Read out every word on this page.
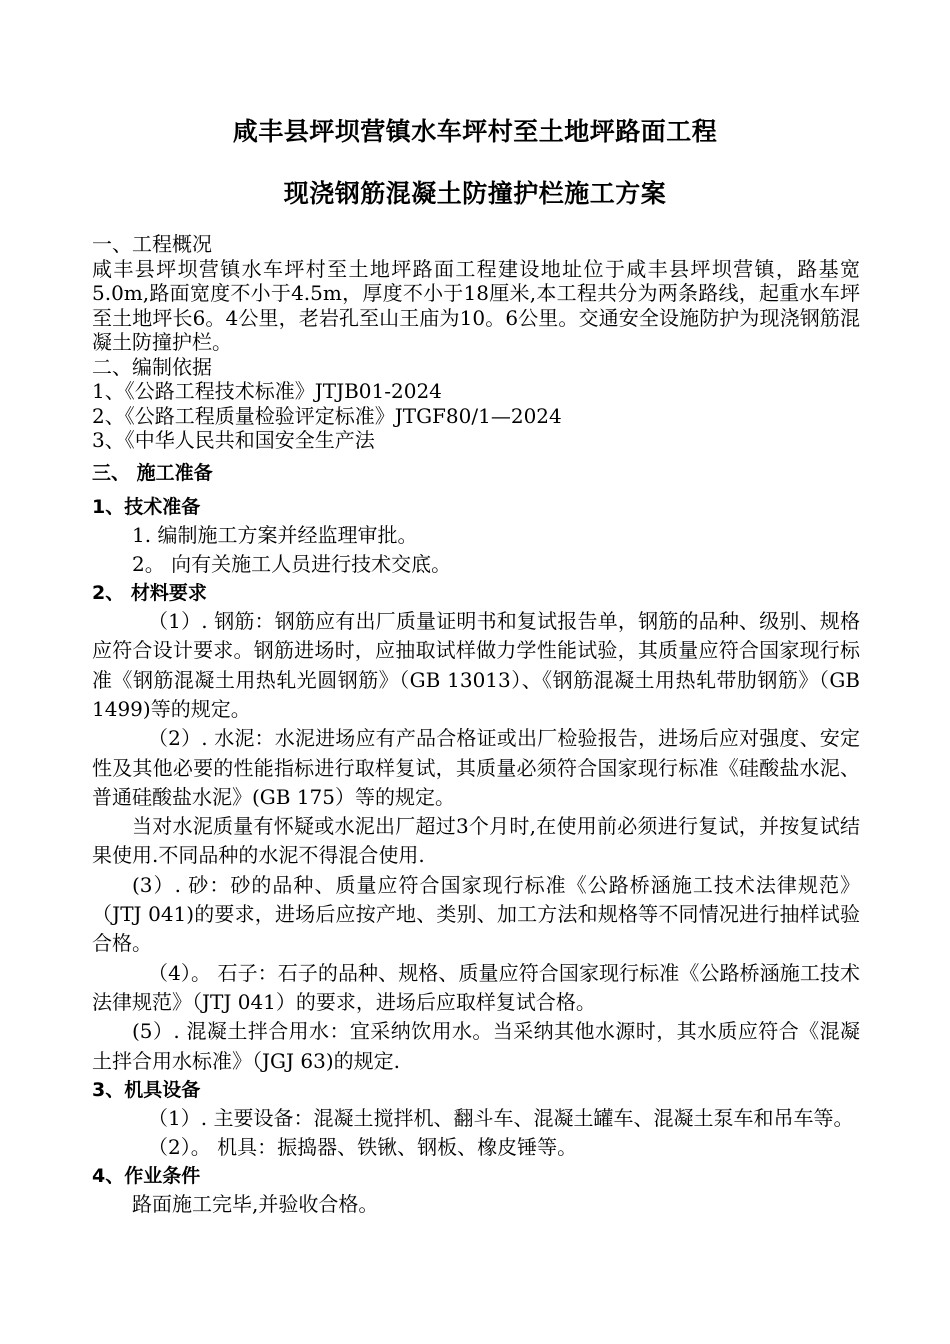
咸丰县坪坝营镇水车坪村至土地坪路面工程
现浇钢筋混凝土防撞护栏施工方案

一、工程概况

咸丰县坪坝营镇水车坪村至土地坪路面工程建设地址位于咸丰县坪坝营镇，路基宽5.0m,路面宽度不小于4.5m，厚度不小于18厘米,本工程共分为两条路线，起重水车坪至土地坪长6。4公里，老岩孔至山王庙为10。6公里。交通安全设施防护为现浇钢筋混凝土防撞护栏。

二、编制依据

1、《公路工程技术标准》JTJB01-2024

2、《公路工程质量检验评定标准》JTGF80/1—2024

3、《中华人民共和国安全生产法

三、 施工准备

1、技术准备

1. 编制施工方案并经监理审批。

2。 向有关施工人员进行技术交底。

2、 材料要求

（1）. 钢筋：钢筋应有出厂质量证明书和复试报告单，钢筋的品种、级别、规格应符合设计要求。钢筋进场时，应抽取试样做力学性能试验，其质量应符合国家现行标准《钢筋混凝土用热轧光圆钢筋》（GB 13013）、《钢筋混凝土用热轧带肋钢筋》（GB 1499)等的规定。

（2）. 水泥：水泥进场应有产品合格证或出厂检验报告，进场后应对强度、安定性及其他必要的性能指标进行取样复试，其质量必须符合国家现行标准《硅酸盐水泥、普通硅酸盐水泥》(GB 175）等的规定。

当对水泥质量有怀疑或水泥出厂超过3个月时,在使用前必须进行复试，并按复试结果使用.不同品种的水泥不得混合使用.

(3）. 砂：砂的品种、质量应符合国家现行标准《公路桥涵施工技术法律规范》（JTJ 041)的要求，进场后应按产地、类别、加工方法和规格等不同情况进行抽样试验合格。

（4）。 石子：石子的品种、规格、质量应符合国家现行标准《公路桥涵施工技术法律规范》（JTJ 041）的要求，进场后应取样复试合格。

(5）. 混凝土拌合用水：宜采纳饮用水。当采纳其他水源时，其水质应符合《混凝土拌合用水标准》（JGJ 63)的规定.

3、机具设备

（1）. 主要设备：混凝土搅拌机、翻斗车、混凝土罐车、混凝土泵车和吊车等。

（2）。 机具：振捣器、铁锹、钢板、橡皮锤等。

4、作业条件

路面施工完毕,并验收合格。
